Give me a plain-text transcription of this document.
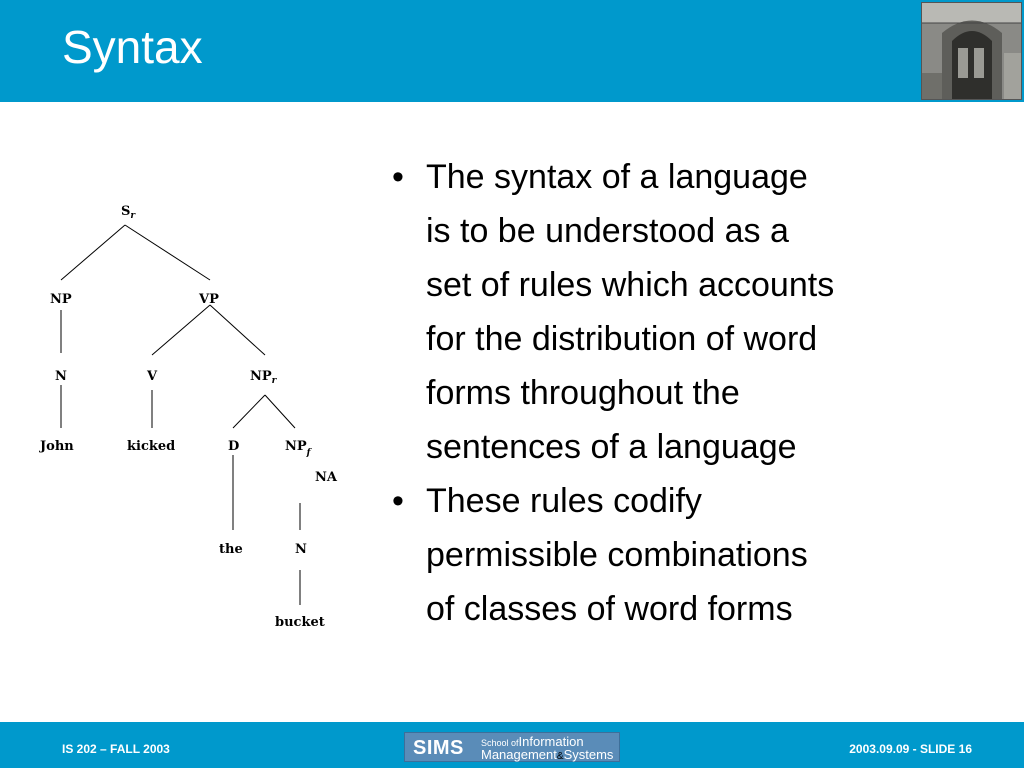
Syntax
$S_r$
NP	VP
N	V	$NP_r$
John	kicked	D	$NP_f$
NA
the	N
bucket
• The syntax of a language
is to be understood as a
set of rules which accounts
for the distribution of word
forms throughout the
sentences of a language
• These rules codify
permissible combinations
of classes of word forms
IS 202 – FALL 2003	SIMS School ofInformation
Management&Systems	2003.09.09 - SLIDE 16
